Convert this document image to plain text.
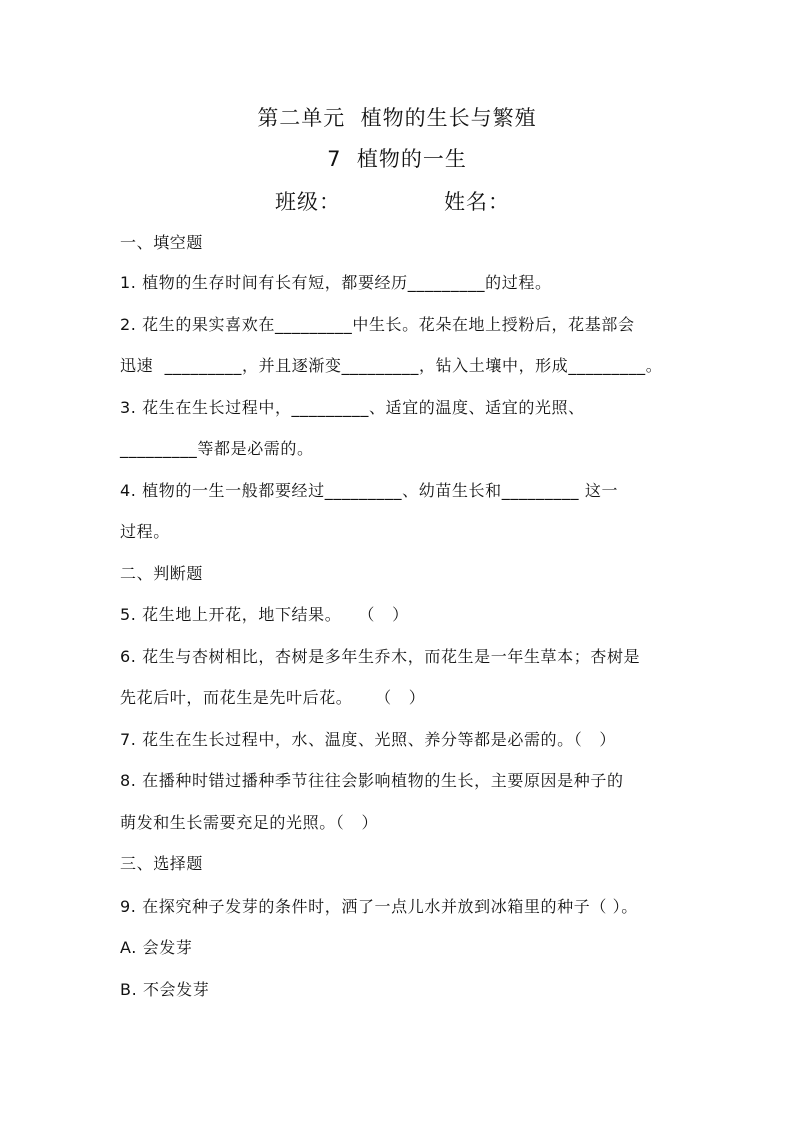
第二单元  植物的生长与繁殖
7  植物的一生
班级：	姓名：
一、填空题
1. 植物的生存时间有长有短，都要经历_________的过程。
2. 花生的果实喜欢在_________中生长。花朵在地上授粉后，花基部会
迅速  _________，并且逐渐变_________，钻入土壤中，形成_________。
3. 花生在生长过程中，_________、适宜的温度、适宜的光照、
_________等都是必需的。
4. 植物的一生一般都要经过_________、幼苗生长和_________ 这一
过程。
二、判断题
5. 花生地上开花，地下结果。   （   ）
6. 花生与杏树相比，杏树是多年生乔木，而花生是一年生草本；杏树是
先花后叶，而花生是先叶后花。    （   ）
7. 花生在生长过程中，水、温度、光照、养分等都是必需的。（   ）
8. 在播种时错过播种季节往往会影响植物的生长，主要原因是种子的
萌发和生长需要充足的光照。（   ）
三、选择题
9. 在探究种子发芽的条件时，洒了一点儿水并放到冰箱里的种子（ ）。
A. 会发芽
B. 不会发芽
